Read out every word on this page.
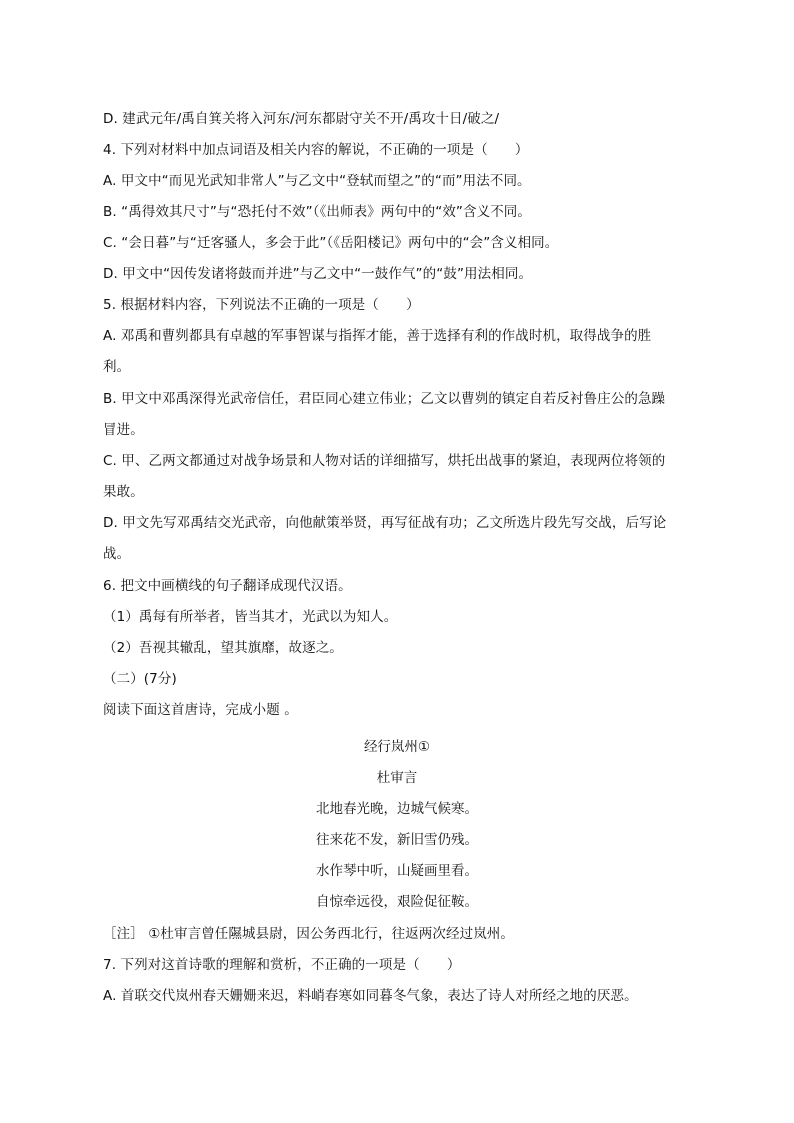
D. 建武元年/禹自箕关将入河东/河东都尉守关不开/禹攻十日/破之/
4. 下列对材料中加点词语及相关内容的解说，不正确的一项是（　　）
A. 甲文中“而见光武知非常人”与乙文中“登轼而望之”的“而”用法不同。
B. “禹得效其尺寸”与“恐托付不效”（《出师表》两句中的“效”含义不同。
C. “会日暮”与“迁客骚人，多会于此”（《岳阳楼记》两句中的“会”含义相同。
D. 甲文中“因传发诸将鼓而并进”与乙文中“一鼓作气”的“鼓”用法相同。
5. 根据材料内容，下列说法不正确的一项是（　　）
A. 邓禹和曹刿都具有卓越的军事智谋与指挥才能，善于选择有利的作战时机，取得战争的胜
利。
B. 甲文中邓禹深得光武帝信任，君臣同心建立伟业；乙文以曹刿的镇定自若反衬鲁庄公的急躁
冒进。
C. 甲、乙两文都通过对战争场景和人物对话的详细描写，烘托出战事的紧迫，表现两位将领的
果敢。
D. 甲文先写邓禹结交光武帝，向他献策举贤，再写征战有功；乙文所选片段先写交战，后写论
战。
6. 把文中画横线的句子翻译成现代汉语。
（1）禹每有所举者，皆当其才，光武以为知人。
（2）吾视其辙乱，望其旗靡，故逐之。
（二）(7分)
阅读下面这首唐诗，完成小题 。
经行岚州①
杜审言
北地春光晚，边城气候寒。
往来花不发，新旧雪仍残。
水作琴中听，山疑画里看。
自惊牵远役，艰险促征鞍。
［注］ ①杜审言曾任隰城县尉，因公务西北行，往返两次经过岚州。
7. 下列对这首诗歌的理解和赏析，不正确的一项是（　　）
A. 首联交代岚州春天姗姗来迟，料峭春寒如同暮冬气象，表达了诗人对所经之地的厌恶。
